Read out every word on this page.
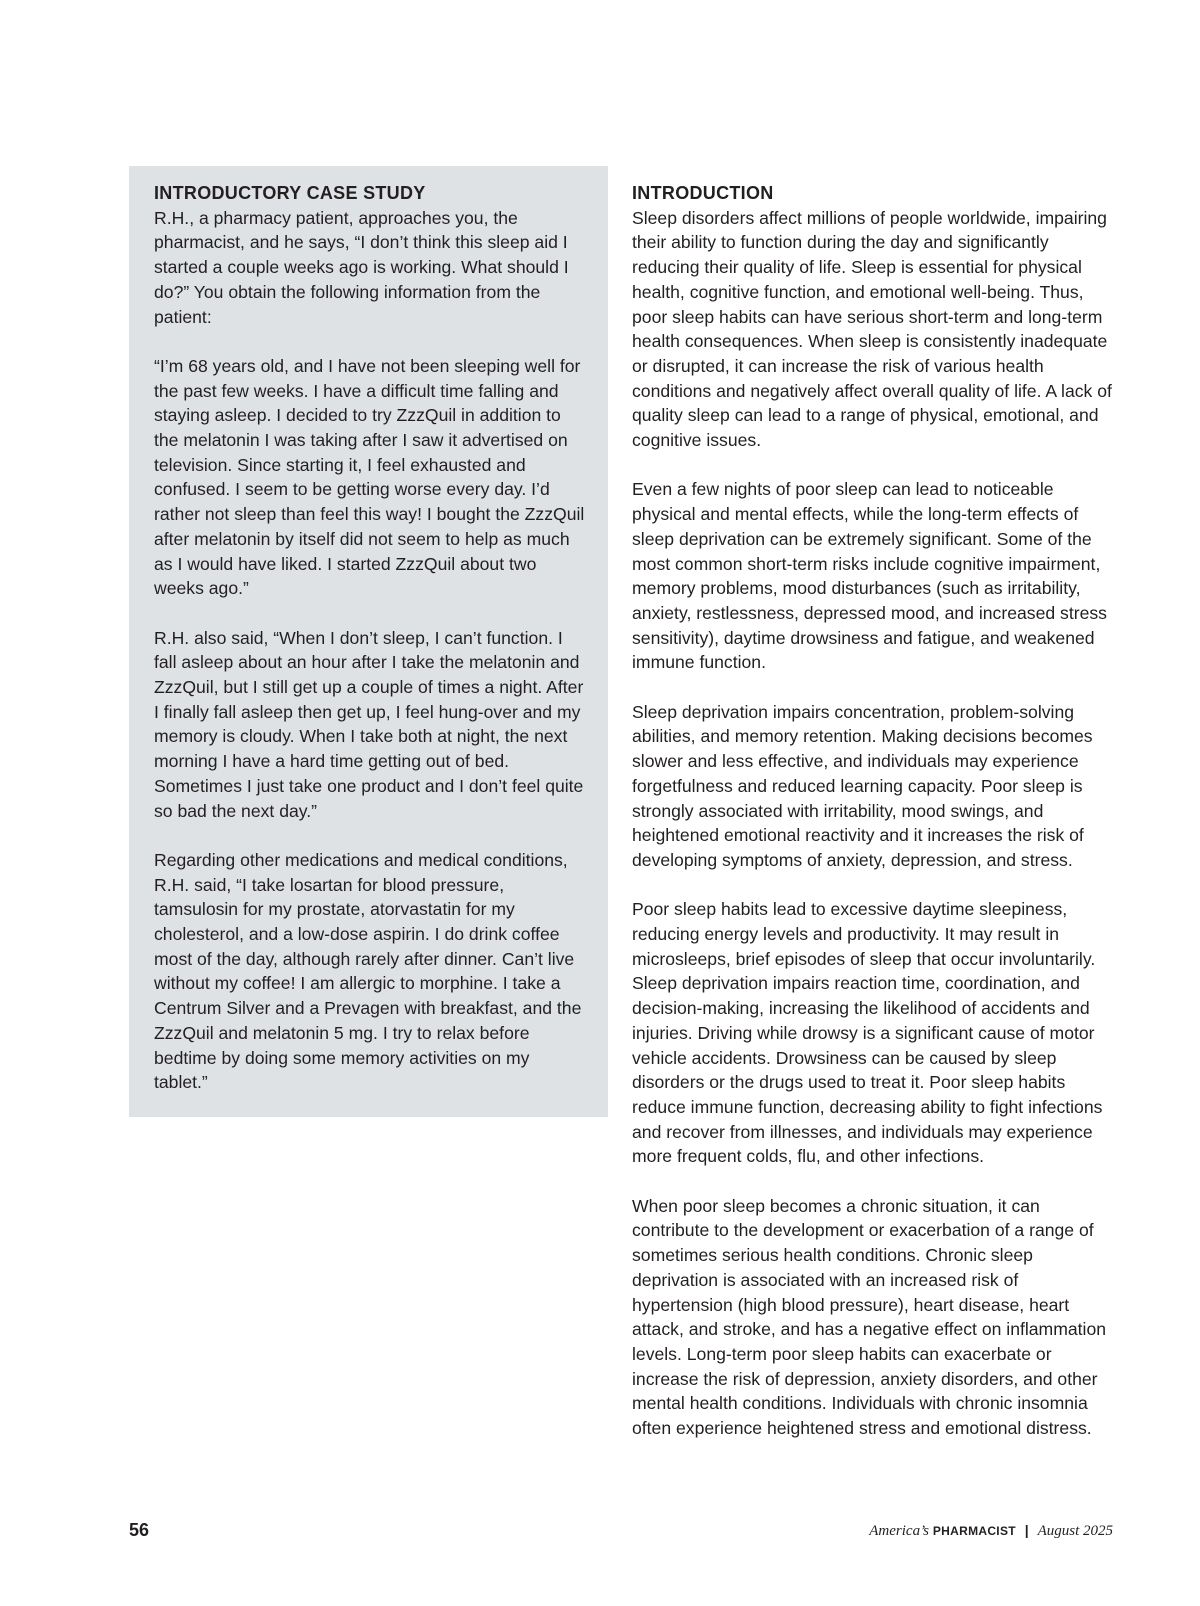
INTRODUCTORY CASE STUDY

R.H., a pharmacy patient, approaches you, the pharmacist, and he says, “I don’t think this sleep aid I started a couple weeks ago is working. What should I do?” You obtain the following information from the patient:

“I’m 68 years old, and I have not been sleeping well for the past few weeks. I have a difficult time falling and staying asleep. I decided to try ZzzQuil in addition to the melatonin I was taking after I saw it advertised on television. Since starting it, I feel exhausted and confused. I seem to be getting worse every day. I’d rather not sleep than feel this way! I bought the ZzzQuil after melatonin by itself did not seem to help as much as I would have liked. I started ZzzQuil about two weeks ago.”

R.H. also said, “When I don’t sleep, I can’t function. I fall asleep about an hour after I take the melatonin and ZzzQuil, but I still get up a couple of times a night. After I finally fall asleep then get up, I feel hung-over and my memory is cloudy. When I take both at night, the next morning I have a hard time getting out of bed. Sometimes I just take one product and I don’t feel quite so bad the next day.”

Regarding other medications and medical conditions, R.H. said, “I take losartan for blood pressure, tamsulosin for my prostate, atorvastatin for my cholesterol, and a low-dose aspirin. I do drink coffee most of the day, although rarely after dinner. Can’t live without my coffee! I am allergic to morphine. I take a Centrum Silver and a Prevagen with breakfast, and the ZzzQuil and melatonin 5 mg. I try to relax before bedtime by doing some memory activities on my tablet.”

INTRODUCTION

Sleep disorders affect millions of people worldwide, impairing their ability to function during the day and significantly reducing their quality of life. Sleep is essential for physical health, cognitive function, and emotional well-being. Thus, poor sleep habits can have serious short-term and long-term health consequences. When sleep is consistently inadequate or disrupted, it can increase the risk of various health conditions and negatively affect overall quality of life. A lack of quality sleep can lead to a range of physical, emotional, and cognitive issues.

Even a few nights of poor sleep can lead to noticeable physical and mental effects, while the long-term effects of sleep deprivation can be extremely significant. Some of the most common short-term risks include cognitive impairment, memory problems, mood disturbances (such as irritability, anxiety, restlessness, depressed mood, and increased stress sensitivity), daytime drowsiness and fatigue, and weakened immune function.

Sleep deprivation impairs concentration, problem-solving abilities, and memory retention. Making decisions becomes slower and less effective, and individuals may experience forgetfulness and reduced learning capacity. Poor sleep is strongly associated with irritability, mood swings, and heightened emotional reactivity and it increases the risk of developing symptoms of anxiety, depression, and stress.

Poor sleep habits lead to excessive daytime sleepiness, reducing energy levels and productivity. It may result in microsleeps, brief episodes of sleep that occur involuntarily. Sleep deprivation impairs reaction time, coordination, and decision-making, increasing the likelihood of accidents and injuries. Driving while drowsy is a significant cause of motor vehicle accidents. Drowsiness can be caused by sleep disorders or the drugs used to treat it. Poor sleep habits reduce immune function, decreasing ability to fight infections and recover from illnesses, and individuals may experience more frequent colds, flu, and other infections.

When poor sleep becomes a chronic situation, it can contribute to the development or exacerbation of a range of sometimes serious health conditions. Chronic sleep deprivation is associated with an increased risk of hypertension (high blood pressure), heart disease, heart attack, and stroke, and has a negative effect on inflammation levels. Long-term poor sleep habits can exacerbate or increase the risk of depression, anxiety disorders, and other mental health conditions. Individuals with chronic insomnia often experience heightened stress and emotional distress.

56	America’s PHARMACIST | August 2025
